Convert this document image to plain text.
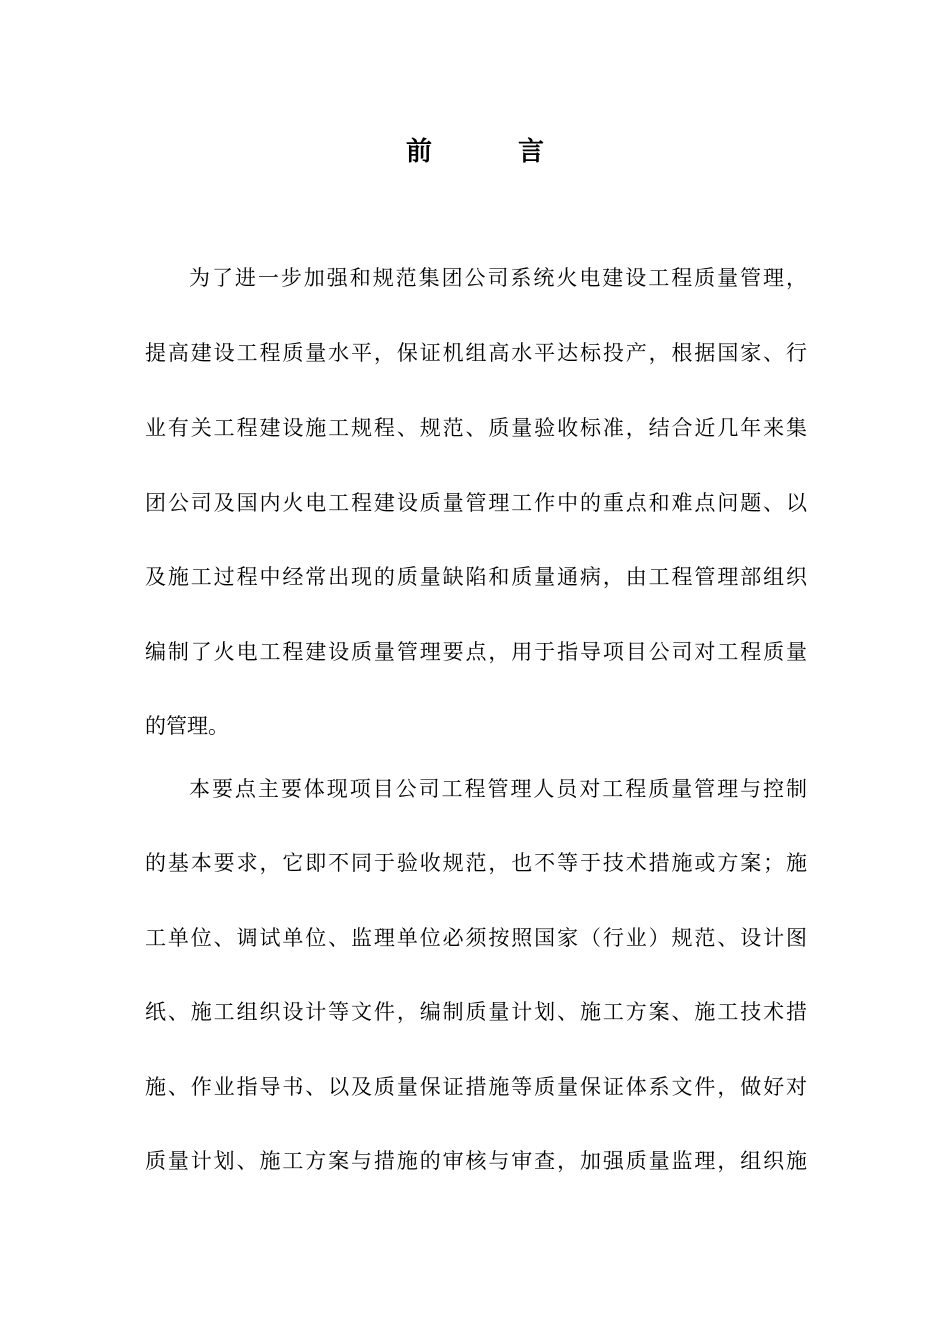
前　言
为了进一步加强和规范集团公司系统火电建设工程质量管理，
提高建设工程质量水平，保证机组高水平达标投产，根据国家、行
业有关工程建设施工规程、规范、质量验收标准，结合近几年来集
团公司及国内火电工程建设质量管理工作中的重点和难点问题、以
及施工过程中经常出现的质量缺陷和质量通病，由工程管理部组织
编制了火电工程建设质量管理要点，用于指导项目公司对工程质量
的管理。
本要点主要体现项目公司工程管理人员对工程质量管理与控制
的基本要求，它即不同于验收规范，也不等于技术措施或方案；施
工单位、调试单位、监理单位必须按照国家（行业）规范、设计图
纸、施工组织设计等文件，编制质量计划、施工方案、施工技术措
施、作业指导书、以及质量保证措施等质量保证体系文件，做好对
质量计划、施工方案与措施的审核与审查，加强质量监理，组织施
